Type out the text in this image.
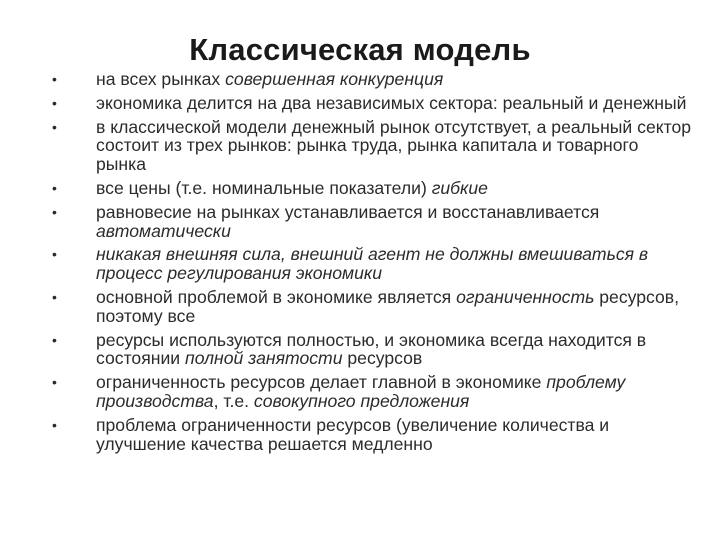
Классическая модель
• на всех рынках совершенная конкуренция
• экономика делится на два независимых сектора: реальный и денежный
• в классической модели денежный рынок отсутствует, а реальный сектор состоит из трех рынков: рынка труда, рынка капитала и товарного рынка
• все цены (т.е. номинальные показатели) гибкие
• равновесие на рынках устанавливается и восстанавливается автоматически
• никакая внешняя сила, внешний агент не должны вмешиваться в процесс регулирования экономики
• основной проблемой в экономике является ограниченность ресурсов, поэтому все
• ресурсы используются полностью, и экономика всегда находится в состоянии полной занятости ресурсов
• ограниченность ресурсов делает главной в экономике проблему производства, т.е. совокупного предложения
• проблема ограниченности ресурсов (увеличение количества и улучшение качества решается медленно
